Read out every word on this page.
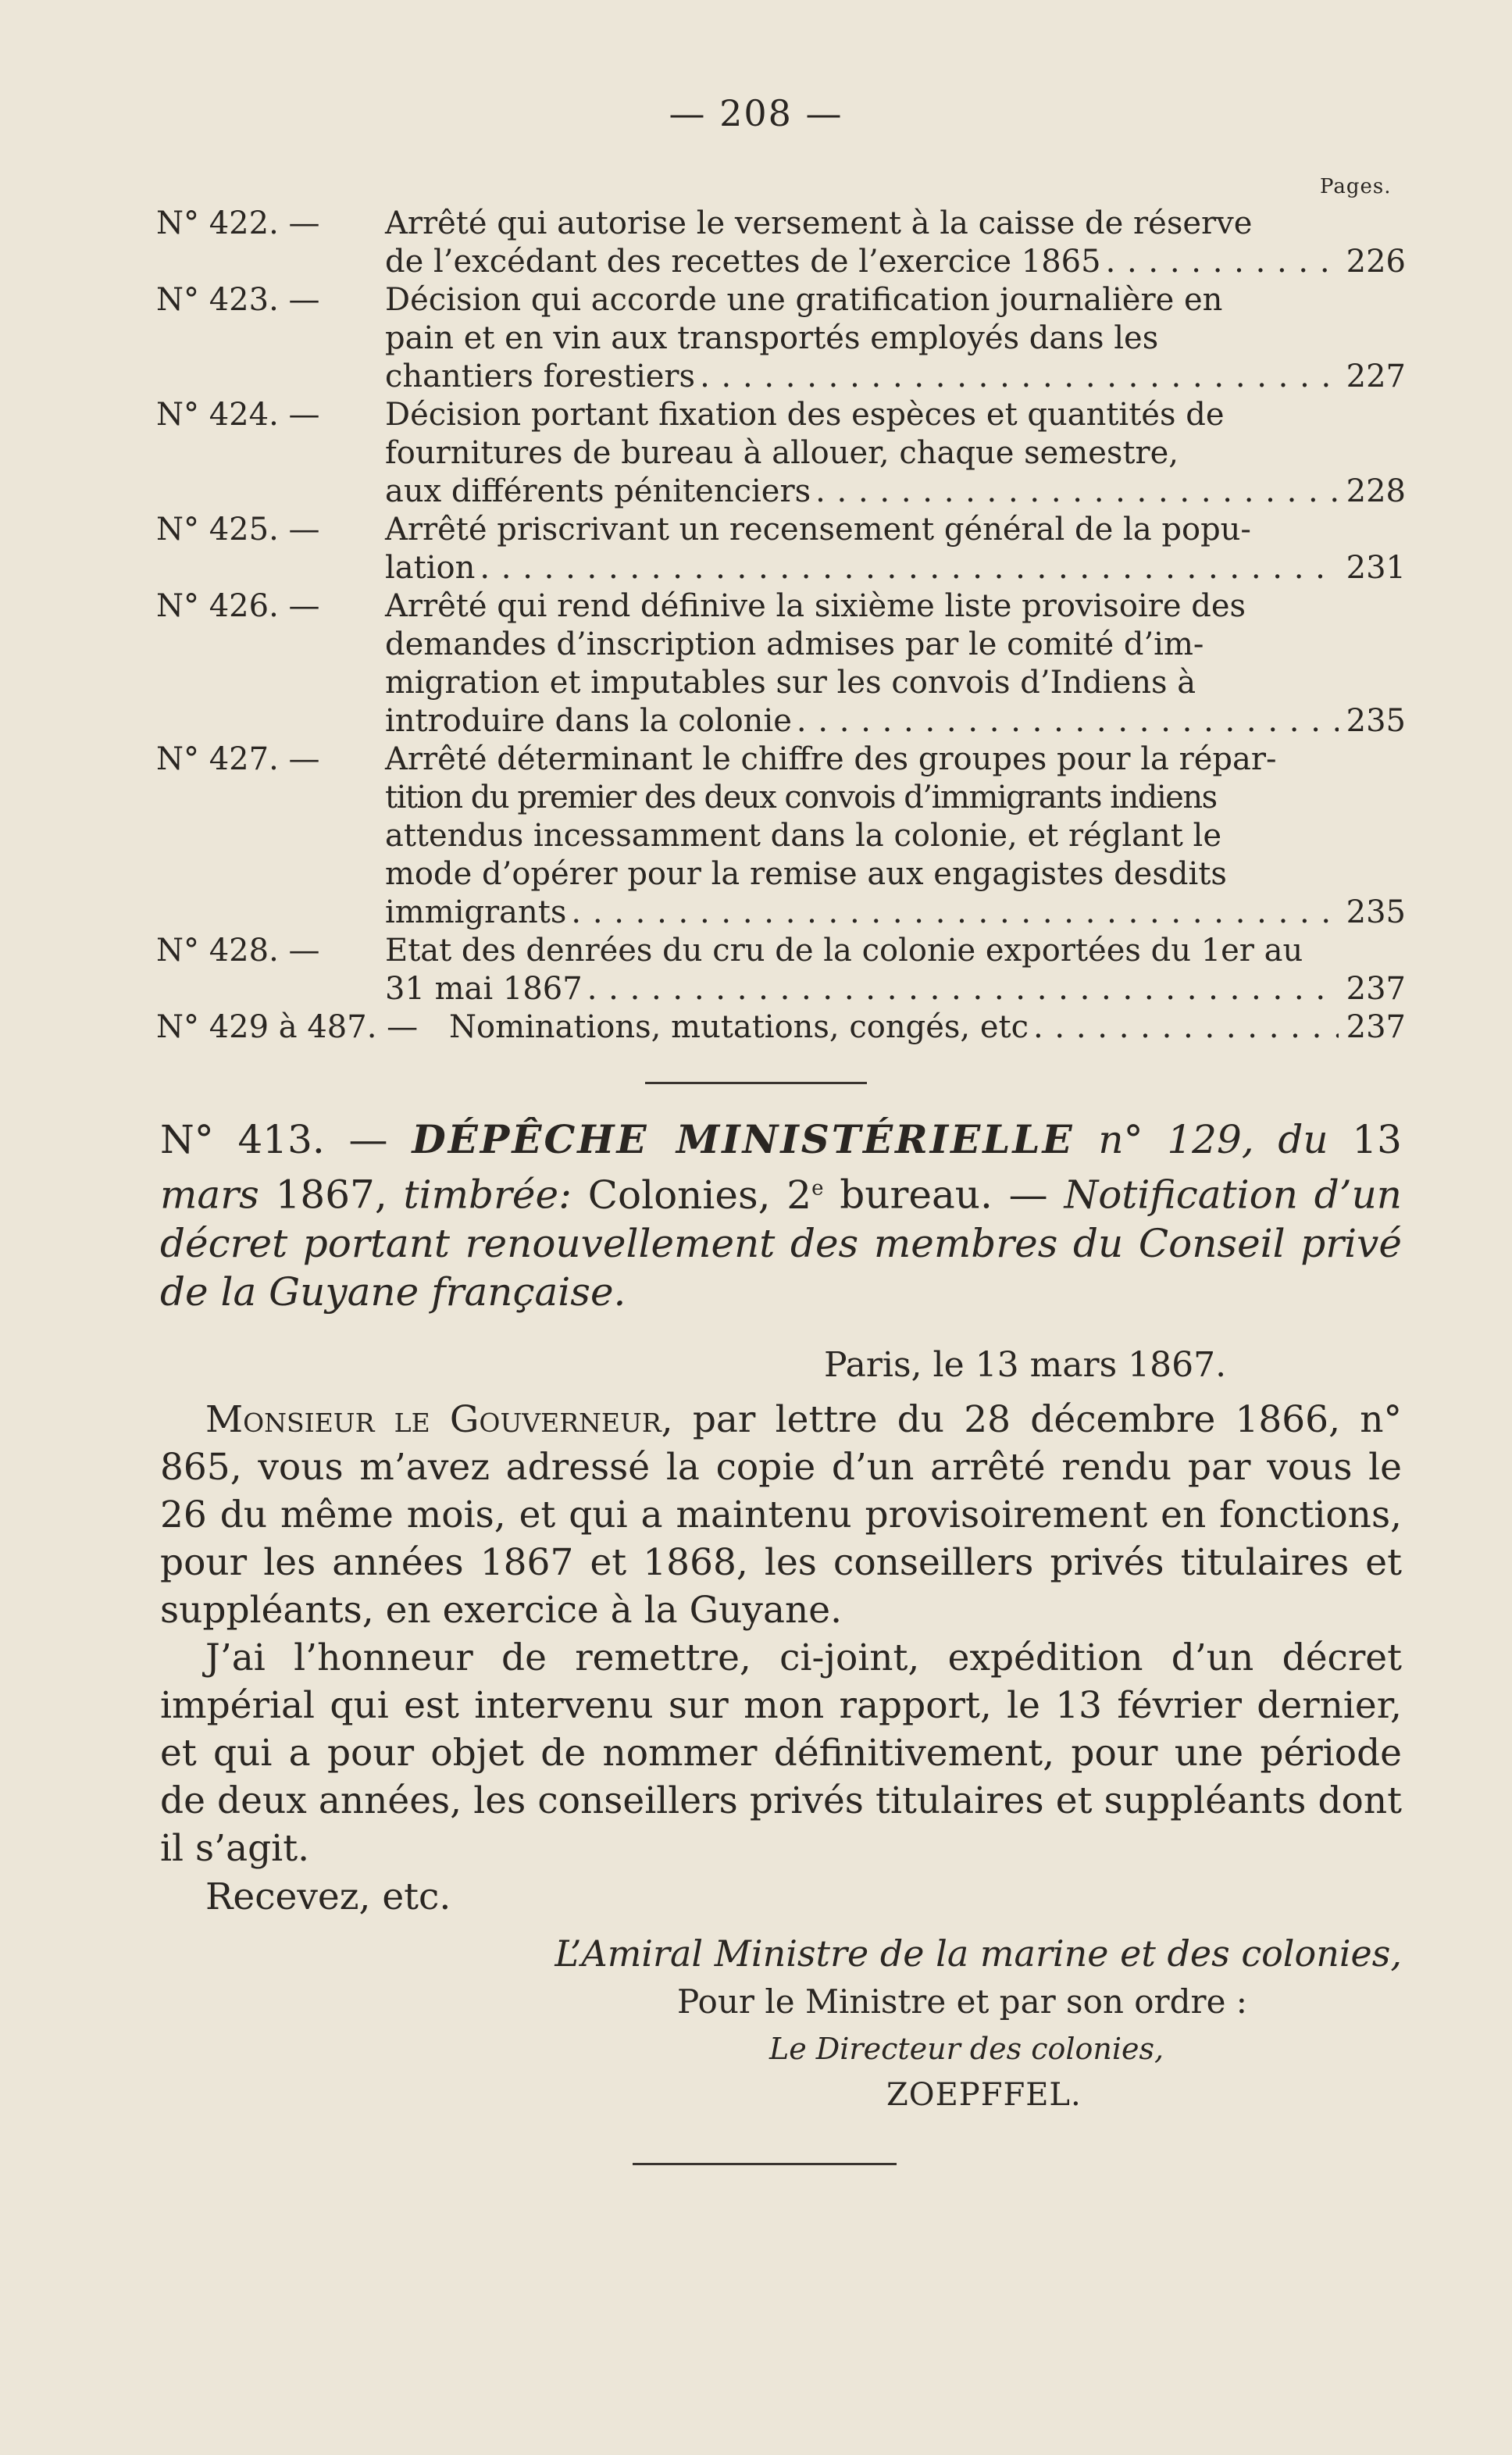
— 208 —
Pages.
N° 422. — Arrêté qui autorise le versement à la caisse de réserve
de l’excédant des recettes de l’exercice 1865 . . .	226
N° 423. — Décision qui accorde une gratification journalière en
pain et en vin aux transportés employés dans les
chantiers forestiers . . .	227
N° 424. — Décision portant fixation des espèces et quantités de
fournitures de bureau à allouer, chaque semestre,
aux différents pénitenciers . . .	228
N° 425. — Arrêté priscrivant un recensement général de la popu-
lation . . .	231
N° 426. — Arrêté qui rend définive la sixième liste provisoire des
demandes d’inscription admises par le comité d’im-
migration et imputables sur les convois d’Indiens à
introduire dans la colonie . . .	235
N° 427. — Arrêté déterminant le chiffre des groupes pour la répar-
tition du premier des deux convois d’immigrants indiens
attendus incessamment dans la colonie, et réglant le
mode d’opérer pour la remise aux engagistes desdits
immigrants . . .	235
N° 428. — Etat des denrées du cru de la colonie exportées du 1er au
31 mai 1867 . . .	237
N° 429 à 487. — Nominations, mutations, congés, etc . . .	237
N° 413. — DÉPÊCHE MINISTÉRIELLE n° 129, du 13 mars 1867, timbrée: Colonies, 2e bureau. — Notification d’un décret portant renouvellement des membres du Conseil privé de la Guyane française.
Paris, le 13 mars 1867.

Monsieur le Gouverneur, par lettre du 28 décembre 1866, n° 865, vous m’avez adressé la copie d’un arrêté rendu par vous le 26 du même mois, et qui a maintenu provisoirement en fonctions, pour les années 1867 et 1868, les conseillers privés titulaires et suppléants, en exercice à la Guyane.

J’ai l’honneur de remettre, ci-joint, expédition d’un décret impérial qui est intervenu sur mon rapport, le 13 février dernier, et qui a pour objet de nommer définitivement, pour une période de deux années, les conseillers privés titulaires et suppléants dont il s’agit.

Recevez, etc.
L’Amiral Ministre de la marine et des colonies,
Pour le Ministre et par son ordre :
Le Directeur des colonies,
ZOEPFFEL.
